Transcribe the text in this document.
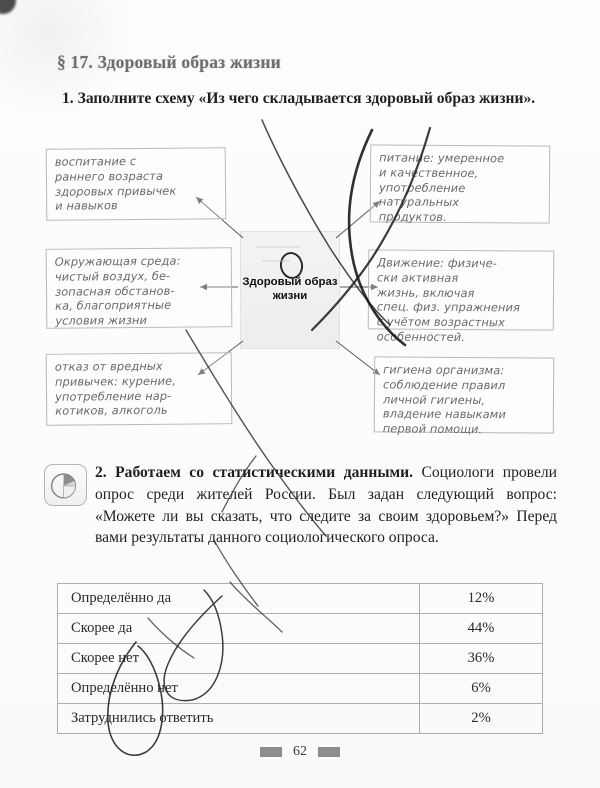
§ 17. Здоровый образ жизни
1. Заполните схему «Из чего складывается здоровый образ жизни».
Здоровый образ жизни
воспитание с
раннего возраста
здоровых привычек
и навыков
Окружающая среда:
чистый воздух, бе-
зопасная обстанов-
ка, благоприятные
условия жизни
отказ от вредных
привычек: курение,
употребление нар-
котиков, алкоголь
питание: умеренное
и качественное,
употребление
натуральных
продуктов.
Движение: физиче-
ски активная
жизнь, включая
спец. физ. упражнения
с учётом возрастных
особенностей.
гигиена организма:
соблюдение правил
личной гигиены,
владение навыками
первой помощи.
2. Работаем со статистическими данными. Социологи провели опрос среди жителей России. Был задан следующий вопрос: «Можете ли вы сказать, что следите за своим здоровьем?» Перед вами результаты данного социологического опроса.
Определённо да	12%
Скорее да	44%
Скорее нет	36%
Определённо нет	6%
Затруднились ответить	2%
62
